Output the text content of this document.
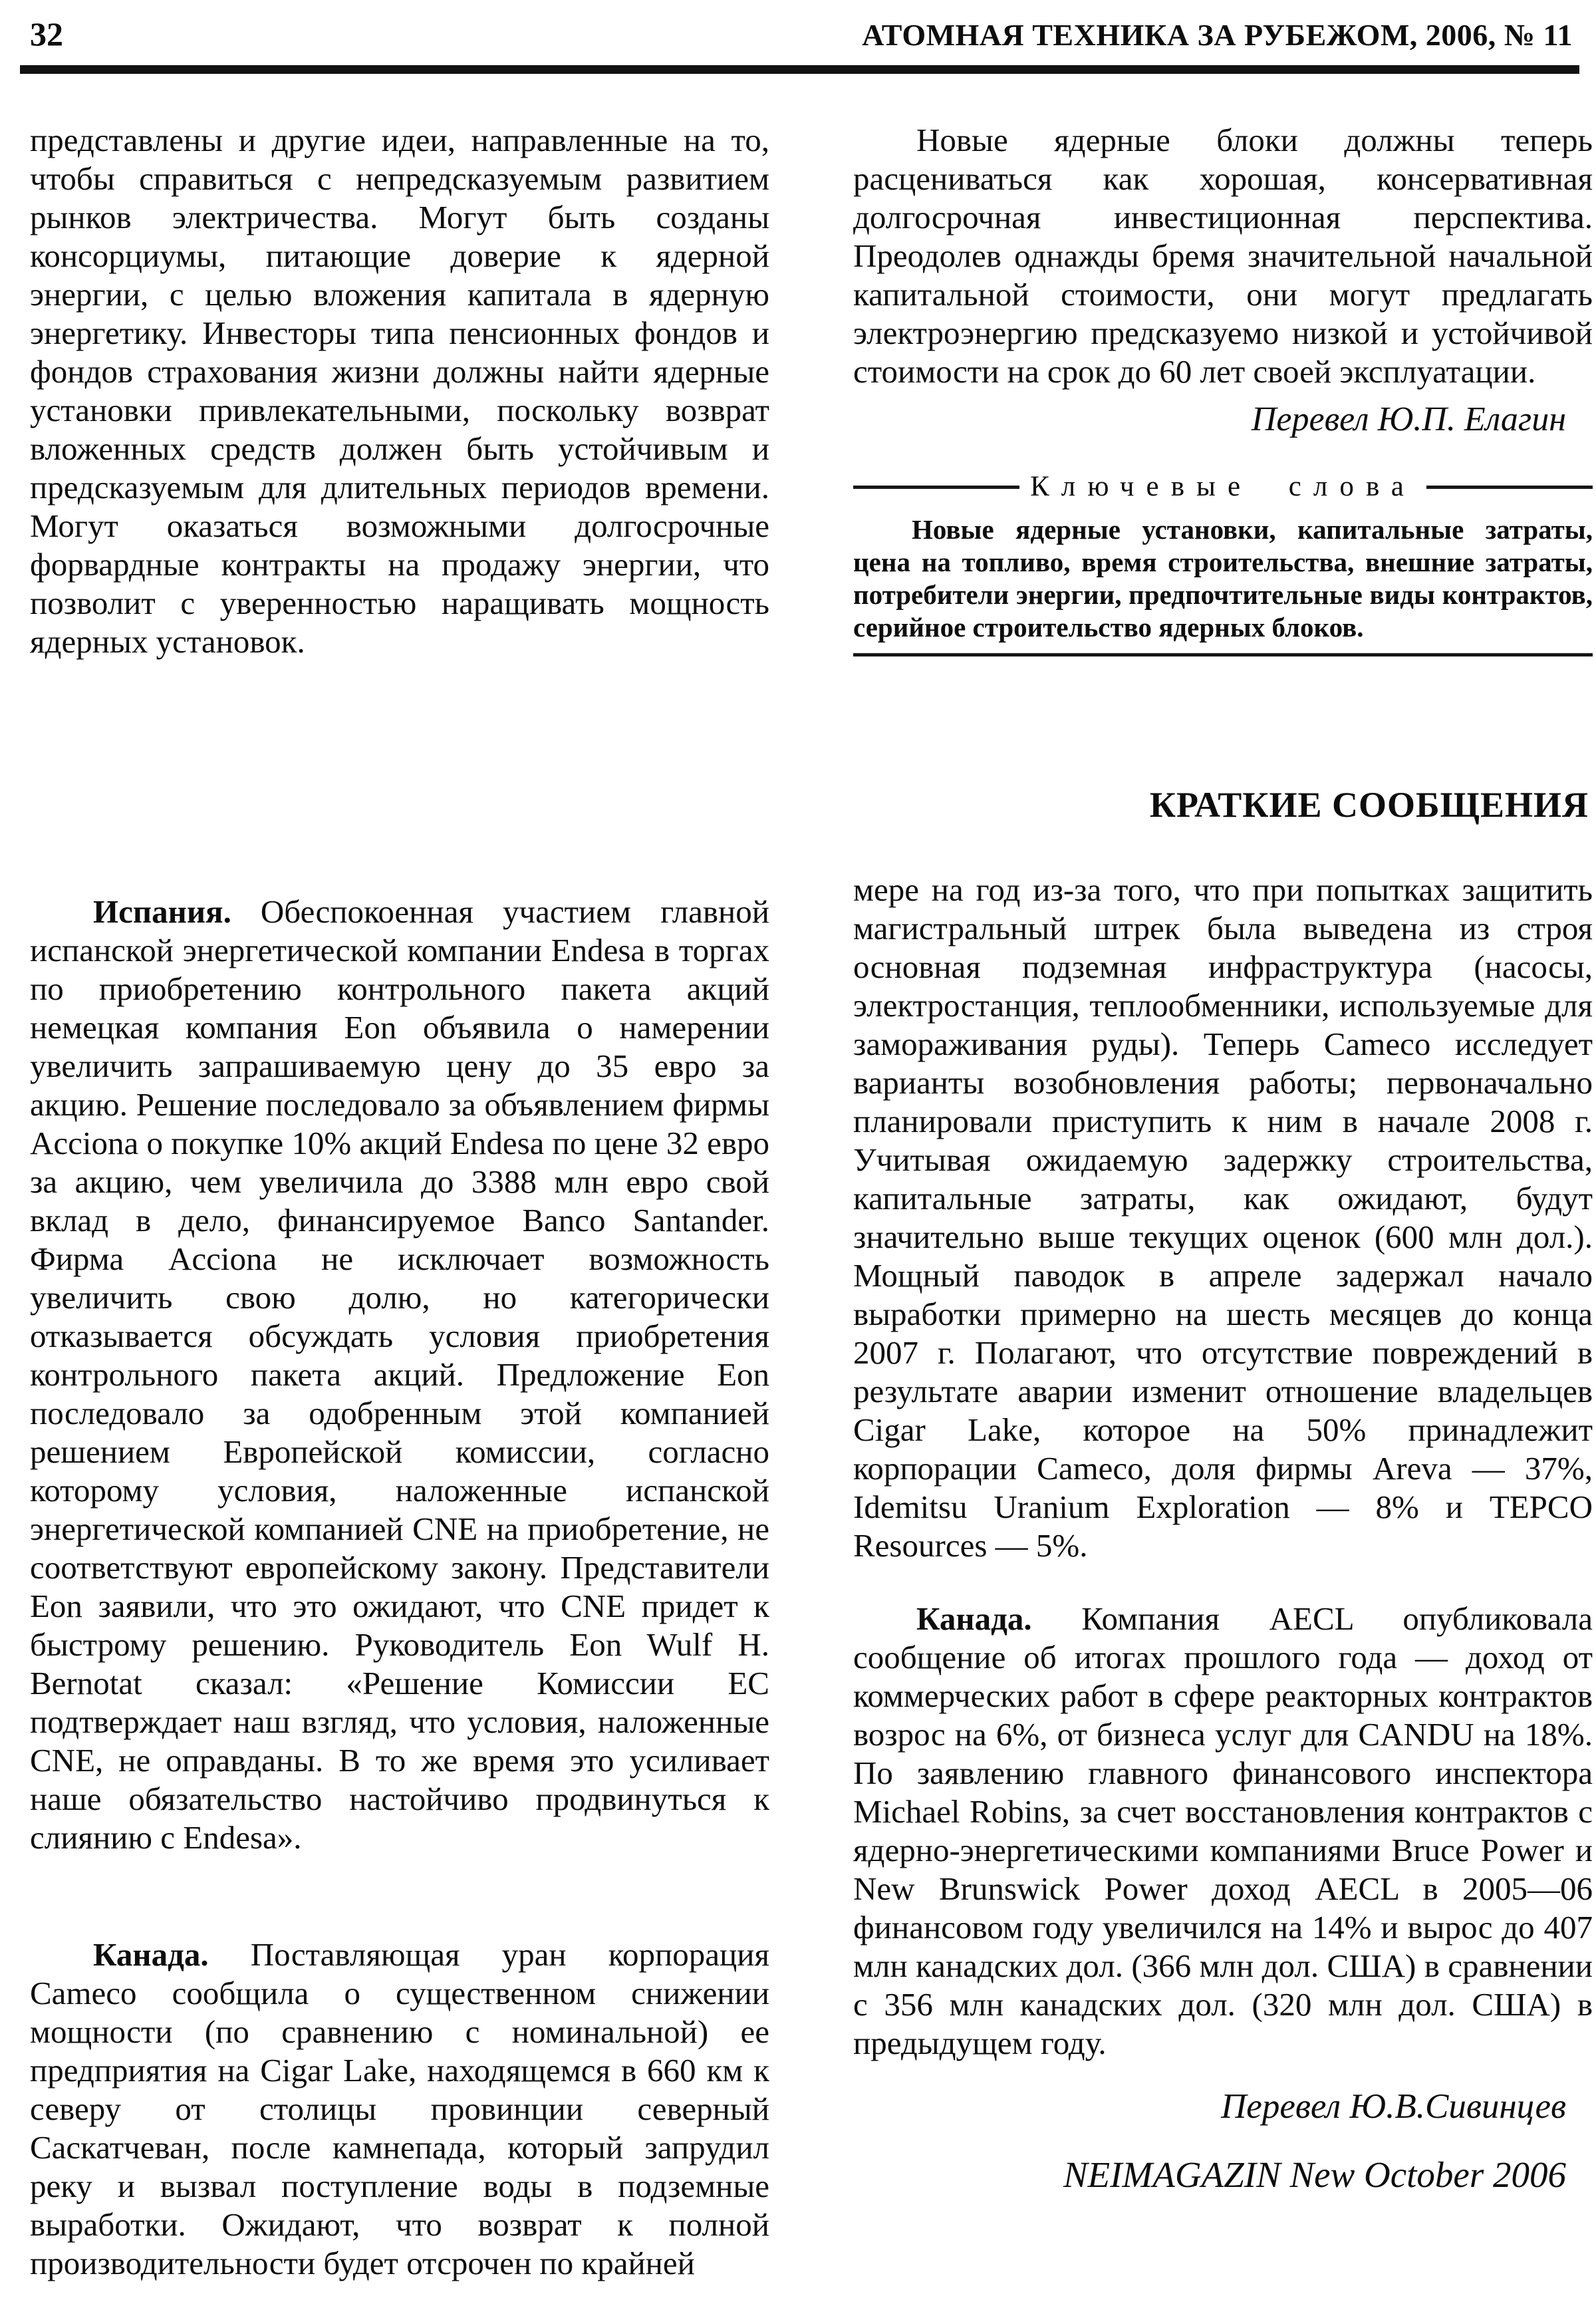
32	АТОМНАЯ ТЕХНИКА ЗА РУБЕЖОМ, 2006, № 11

представлены и другие идеи, направленные на то, чтобы справиться с непредсказуемым развитием рынков электричества. Могут быть созданы консорциумы, питающие доверие к ядерной энергии, с целью вложения капитала в ядерную энергетику. Инвесторы типа пенсионных фондов и фондов страхования жизни должны найти ядерные установки привлекательными, поскольку возврат вложенных средств должен быть устойчивым и предсказуемым для длительных периодов времени. Могут оказаться возможными долгосрочные форвардные контракты на продажу энергии, что позволит с уверенностью наращивать мощность ядерных установок.

Испания. Обеспокоенная участием главной испанской энергетической компании Endesa в торгах по приобретению контрольного пакета акций немецкая компания Eon объявила о намерении увеличить запрашиваемую цену до 35 евро за акцию. Решение последовало за объявлением фирмы Acciona о покупке 10% акций Endesa по цене 32 евро за акцию, чем увеличила до 3388 млн евро свой вклад в дело, финансируемое Banco Santander. Фирма Acciona не исключает возможность увеличить свою долю, но категорически отказывается обсуждать условия приобретения контрольного пакета акций. Предложение Eon последовало за одобренным этой компанией решением Европейской комиссии, согласно которому условия, наложенные испанской энергетической компанией CNE на приобретение, не соответствуют европейскому закону. Представители Eon заявили, что это ожидают, что CNE придет к быстрому решению. Руководитель Eon Wulf H. Bernotat сказал: «Решение Комиссии ЕС подтверждает наш взгляд, что условия, наложенные CNE, не оправданы. В то же время это усиливает наше обязательство настойчиво продвинуться к слиянию с Endesa».

Канада. Поставляющая уран корпорация Cameco сообщила о существенном снижении мощности (по сравнению с номинальной) ее предприятия на Cigar Lake, находящемся в 660 км к северу от столицы провинции северный Саскатчеван, после камнепада, который запрудил реку и вызвал поступление воды в подземные выработки. Ожидают, что возврат к полной производительности будет отсрочен по крайней

Новые ядерные блоки должны теперь расцениваться как хорошая, консервативная долгосрочная инвестиционная перспектива. Преодолев однажды бремя значительной начальной капитальной стоимости, они могут предлагать электроэнергию предсказуемо низкой и устойчивой стоимости на срок до 60 лет своей эксплуатации.

Перевел Ю.П. Елагин

Ключевые слова

Новые ядерные установки, капитальные затраты, цена на топливо, время строительства, внешние затраты, потребители энергии, предпочтительные виды контрактов, серийное строительство ядерных блоков.

КРАТКИЕ СООБЩЕНИЯ

мере на год из-за того, что при попытках защитить магистральный штрек была выведена из строя основная подземная инфраструктура (насосы, электростанция, теплообменники, используемые для замораживания руды). Теперь Cameco исследует варианты возобновления работы; первоначально планировали приступить к ним в начале 2008 г. Учитывая ожидаемую задержку строительства, капитальные затраты, как ожидают, будут значительно выше текущих оценок (600 млн дол.). Мощный паводок в апреле задержал начало выработки примерно на шесть месяцев до конца 2007 г. Полагают, что отсутствие повреждений в результате аварии изменит отношение владельцев Cigar Lake, которое на 50% принадлежит корпорации Cameco, доля фирмы Areva — 37%, Idemitsu Uranium Exploration — 8% и TEPCO Resources — 5%.

Канада. Компания AECL опубликовала сообщение об итогах прошлого года — доход от коммерческих работ в сфере реакторных контрактов возрос на 6%, от бизнеса услуг для CANDU на 18%. По заявлению главного финансового инспектора Michael Robins, за счет восстановления контрактов с ядерно-энергетическими компаниями Bruce Power и New Brunswick Power доход AECL в 2005—06 финансовом году увеличился на 14% и вырос до 407 млн канадских дол. (366 млн дол. США) в сравнении с 356 млн канадских дол. (320 млн дол. США) в предыдущем году.

Перевел Ю.В.Сивинцев

NEIMAGAZIN New October 2006
